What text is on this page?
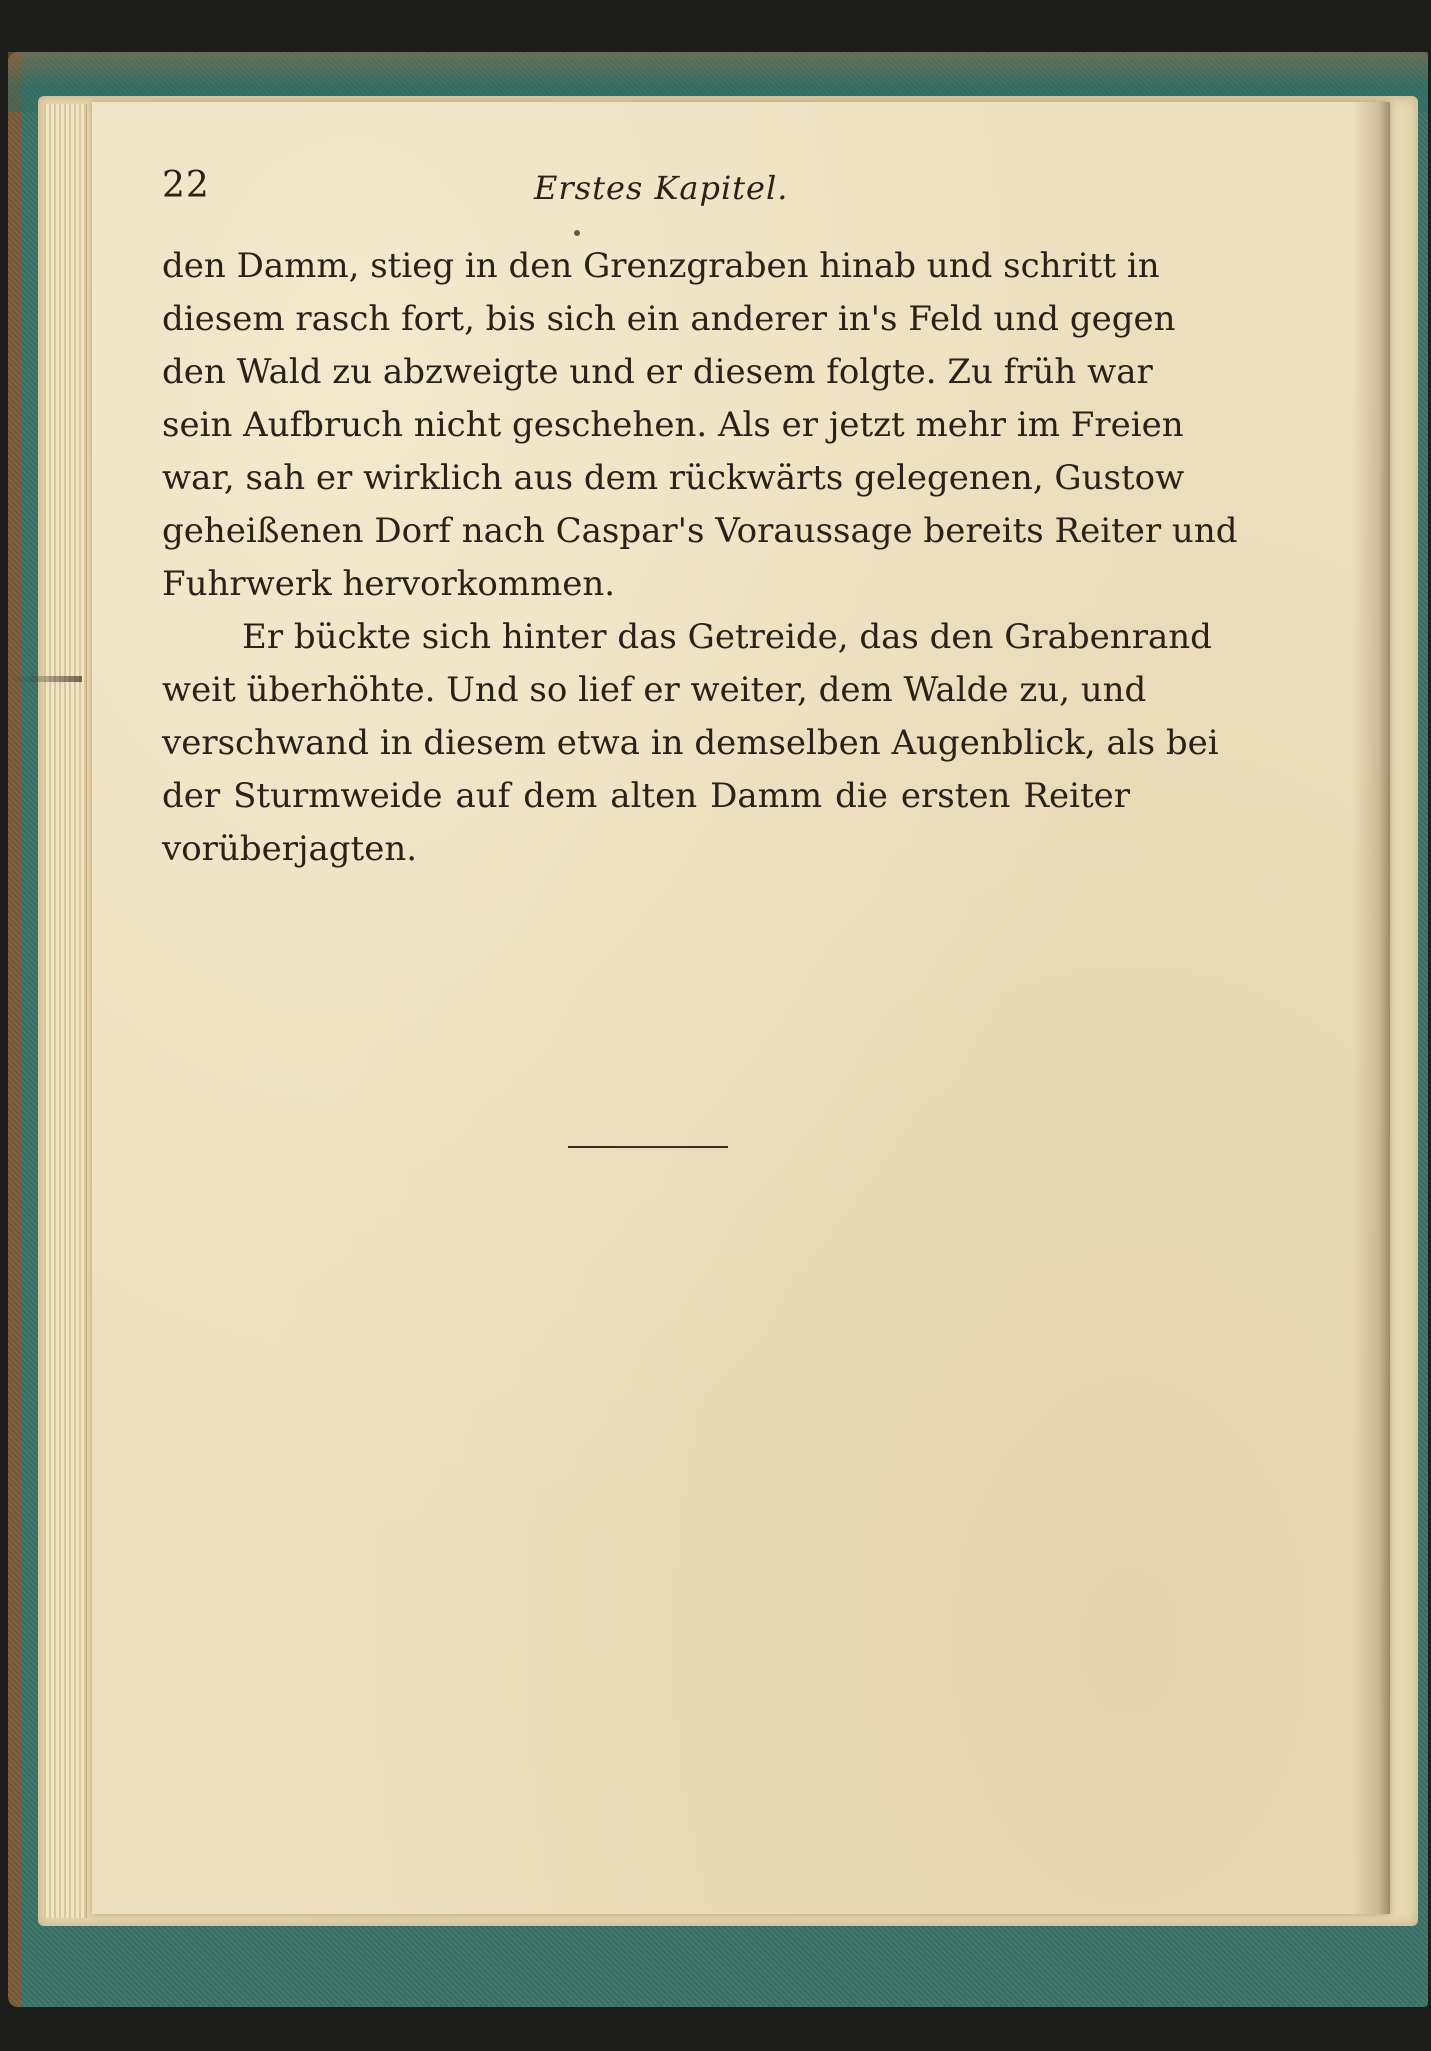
22	Erstes Kapitel.

den Damm, stieg in den Grenzgraben hinab und schritt in
diesem rasch fort, bis sich ein anderer in's Feld und gegen
den Wald zu abzweigte und er diesem folgte. Zu früh war
sein Aufbruch nicht geschehen. Als er jetzt mehr im Freien
war, sah er wirklich aus dem rückwärts gelegenen, Gustow
geheißenen Dorf nach Caspar's Voraussage bereits Reiter und
Fuhrwerk hervorkommen.

Er bückte sich hinter das Getreide, das den Grabenrand
weit überhöhte. Und so lief er weiter, dem Walde zu, und
verschwand in diesem etwa in demselben Augenblick, als bei
der Sturmweide auf dem alten Damm die ersten Reiter
vorüberjagten.
